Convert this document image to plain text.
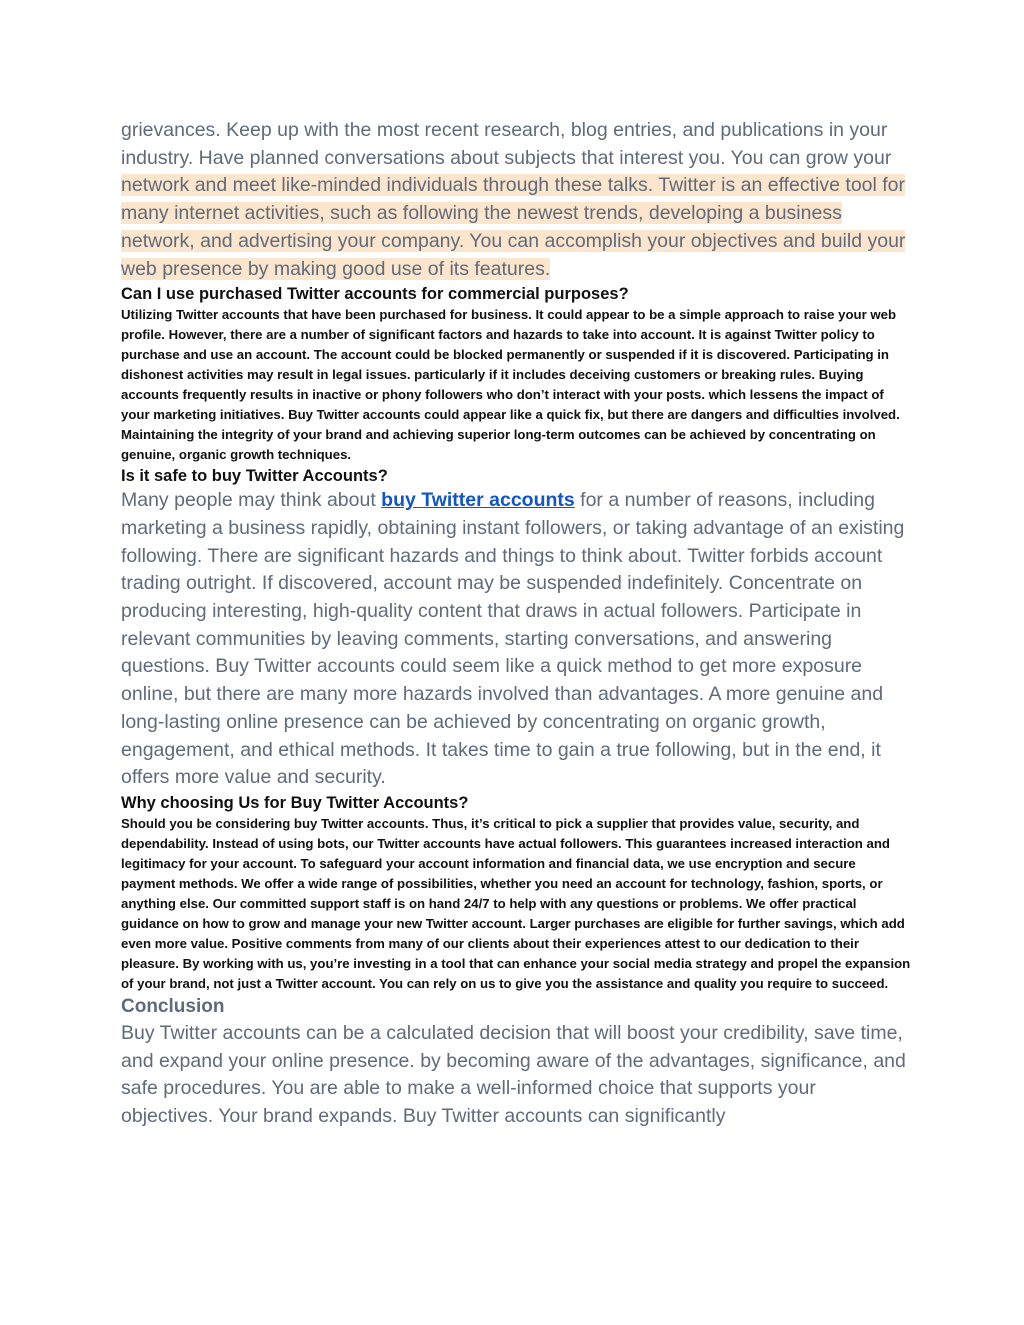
grievances. Keep up with the most recent research, blog entries, and publications in your industry. Have planned conversations about subjects that interest you. You can grow your network and meet like-minded individuals through these talks. Twitter is an effective tool for many internet activities, such as following the newest trends, developing a business network, and advertising your company. You can accomplish your objectives and build your web presence by making good use of its features.

Can I use purchased Twitter accounts for commercial purposes?

Utilizing Twitter accounts that have been purchased for business. It could appear to be a simple approach to raise your web profile. However, there are a number of significant factors and hazards to take into account. It is against Twitter policy to purchase and use an account. The account could be blocked permanently or suspended if it is discovered. Participating in dishonest activities may result in legal issues. particularly if it includes deceiving customers or breaking rules. Buying accounts frequently results in inactive or phony followers who don’t interact with your posts. which lessens the impact of your marketing initiatives. Buy Twitter accounts could appear like a quick fix, but there are dangers and difficulties involved. Maintaining the integrity of your brand and achieving superior long-term outcomes can be achieved by concentrating on genuine, organic growth techniques.

Is it safe to buy Twitter Accounts?

Many people may think about buy Twitter accounts for a number of reasons, including marketing a business rapidly, obtaining instant followers, or taking advantage of an existing following. There are significant hazards and things to think about. Twitter forbids account trading outright. If discovered, account may be suspended indefinitely. Concentrate on producing interesting, high-quality content that draws in actual followers. Participate in relevant communities by leaving comments, starting conversations, and answering questions. Buy Twitter accounts could seem like a quick method to get more exposure online, but there are many more hazards involved than advantages. A more genuine and long-lasting online presence can be achieved by concentrating on organic growth, engagement, and ethical methods. It takes time to gain a true following, but in the end, it offers more value and security.

Why choosing Us for Buy Twitter Accounts?

Should you be considering buy Twitter accounts. Thus, it’s critical to pick a supplier that provides value, security, and dependability. Instead of using bots, our Twitter accounts have actual followers. This guarantees increased interaction and legitimacy for your account. To safeguard your account information and financial data, we use encryption and secure payment methods. We offer a wide range of possibilities, whether you need an account for technology, fashion, sports, or anything else. Our committed support staff is on hand 24/7 to help with any questions or problems. We offer practical guidance on how to grow and manage your new Twitter account. Larger purchases are eligible for further savings, which add even more value. Positive comments from many of our clients about their experiences attest to our dedication to their pleasure. By working with us, you’re investing in a tool that can enhance your social media strategy and propel the expansion of your brand, not just a Twitter account. You can rely on us to give you the assistance and quality you require to succeed.

Conclusion

Buy Twitter accounts can be a calculated decision that will boost your credibility, save time, and expand your online presence. by becoming aware of the advantages, significance, and safe procedures. You are able to make a well-informed choice that supports your objectives. Your brand expands. Buy Twitter accounts can significantly
